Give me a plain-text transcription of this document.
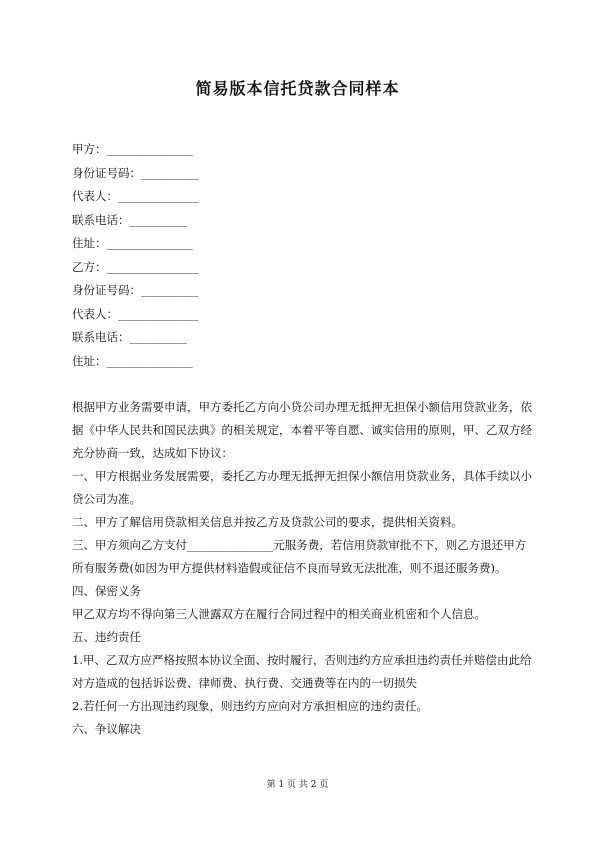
简易版本信托贷款合同样本
甲方：_______________
身份证号码：__________
代表人：______________
联系电话：__________
住址：_______________
乙方：________________
身份证号码：__________
代表人：______________
联系电话：__________
住址：_______________

根据甲方业务需要申请，甲方委托乙方向小贷公司办理无抵押无担保小额信用贷款业务，依据《中华人民共和国民法典》的相关规定，本着平等自愿、诚实信用的原则，甲、乙双方经充分协商一致，达成如下协议：

一、甲方根据业务发展需要，委托乙方办理无抵押无担保小额信用贷款业务，具体手续以小贷公司为准。

二、甲方了解信用贷款相关信息并按乙方及贷款公司的要求，提供相关资料。

三、甲方须向乙方支付_______________元服务费，若信用贷款审批不下，则乙方退还甲方所有服务费(如因为甲方提供材料造假或征信不良而导致无法批准，则不退还服务费)。

四、保密义务

甲乙双方均不得向第三人泄露双方在履行合同过程中的相关商业机密和个人信息。

五、违约责任

1.甲、乙双方应严格按照本协议全面、按时履行，否则违约方应承担违约责任并赔偿由此给对方造成的包括诉讼费、律师费、执行费、交通费等在内的一切损失

2.若任何一方出现违约现象，则违约方应向对方承担相应的违约责任。

六、争议解决

第 1 页 共 2 页
